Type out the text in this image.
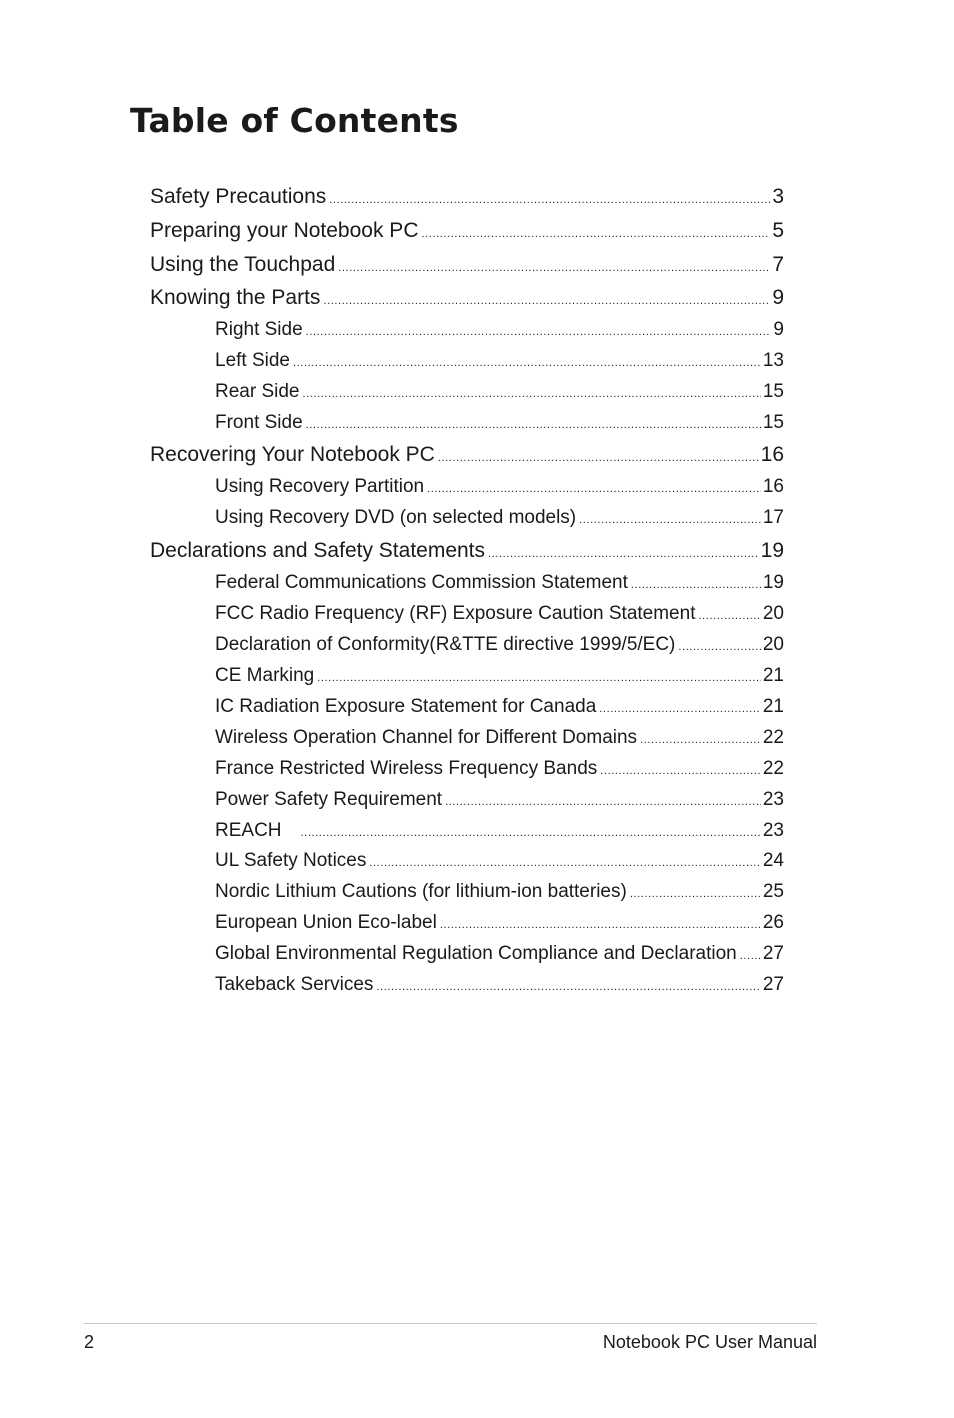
Table of Contents
Safety Precautions .....	3
Preparing your Notebook PC .....	5
Using the Touchpad .....	7
Knowing the Parts .....	9
Right Side .....	9
Left Side .....	13
Rear Side .....	15
Front Side .....	15
Recovering Your Notebook PC .....	16
Using Recovery Partition .....	16
Using Recovery DVD (on selected models) .....	17
Declarations and Safety Statements .....	19
Federal Communications Commission Statement .....	19
FCC Radio Frequency (RF) Exposure Caution Statement .....	20
Declaration of Conformity(R&TTE directive 1999/5/EC) .....	20
CE Marking .....	21
IC Radiation Exposure Statement for Canada .....	21
Wireless Operation Channel for Different Domains .....	22
France Restricted Wireless Frequency Bands .....	22
Power Safety Requirement .....	23
REACH .....	23
UL Safety Notices .....	24
Nordic Lithium Cautions (for lithium-ion batteries) .....	25
European Union Eco-label .....	26
Global Environmental Regulation Compliance and Declaration ..... 27
Takeback Services .....	27
2	Notebook PC User Manual
